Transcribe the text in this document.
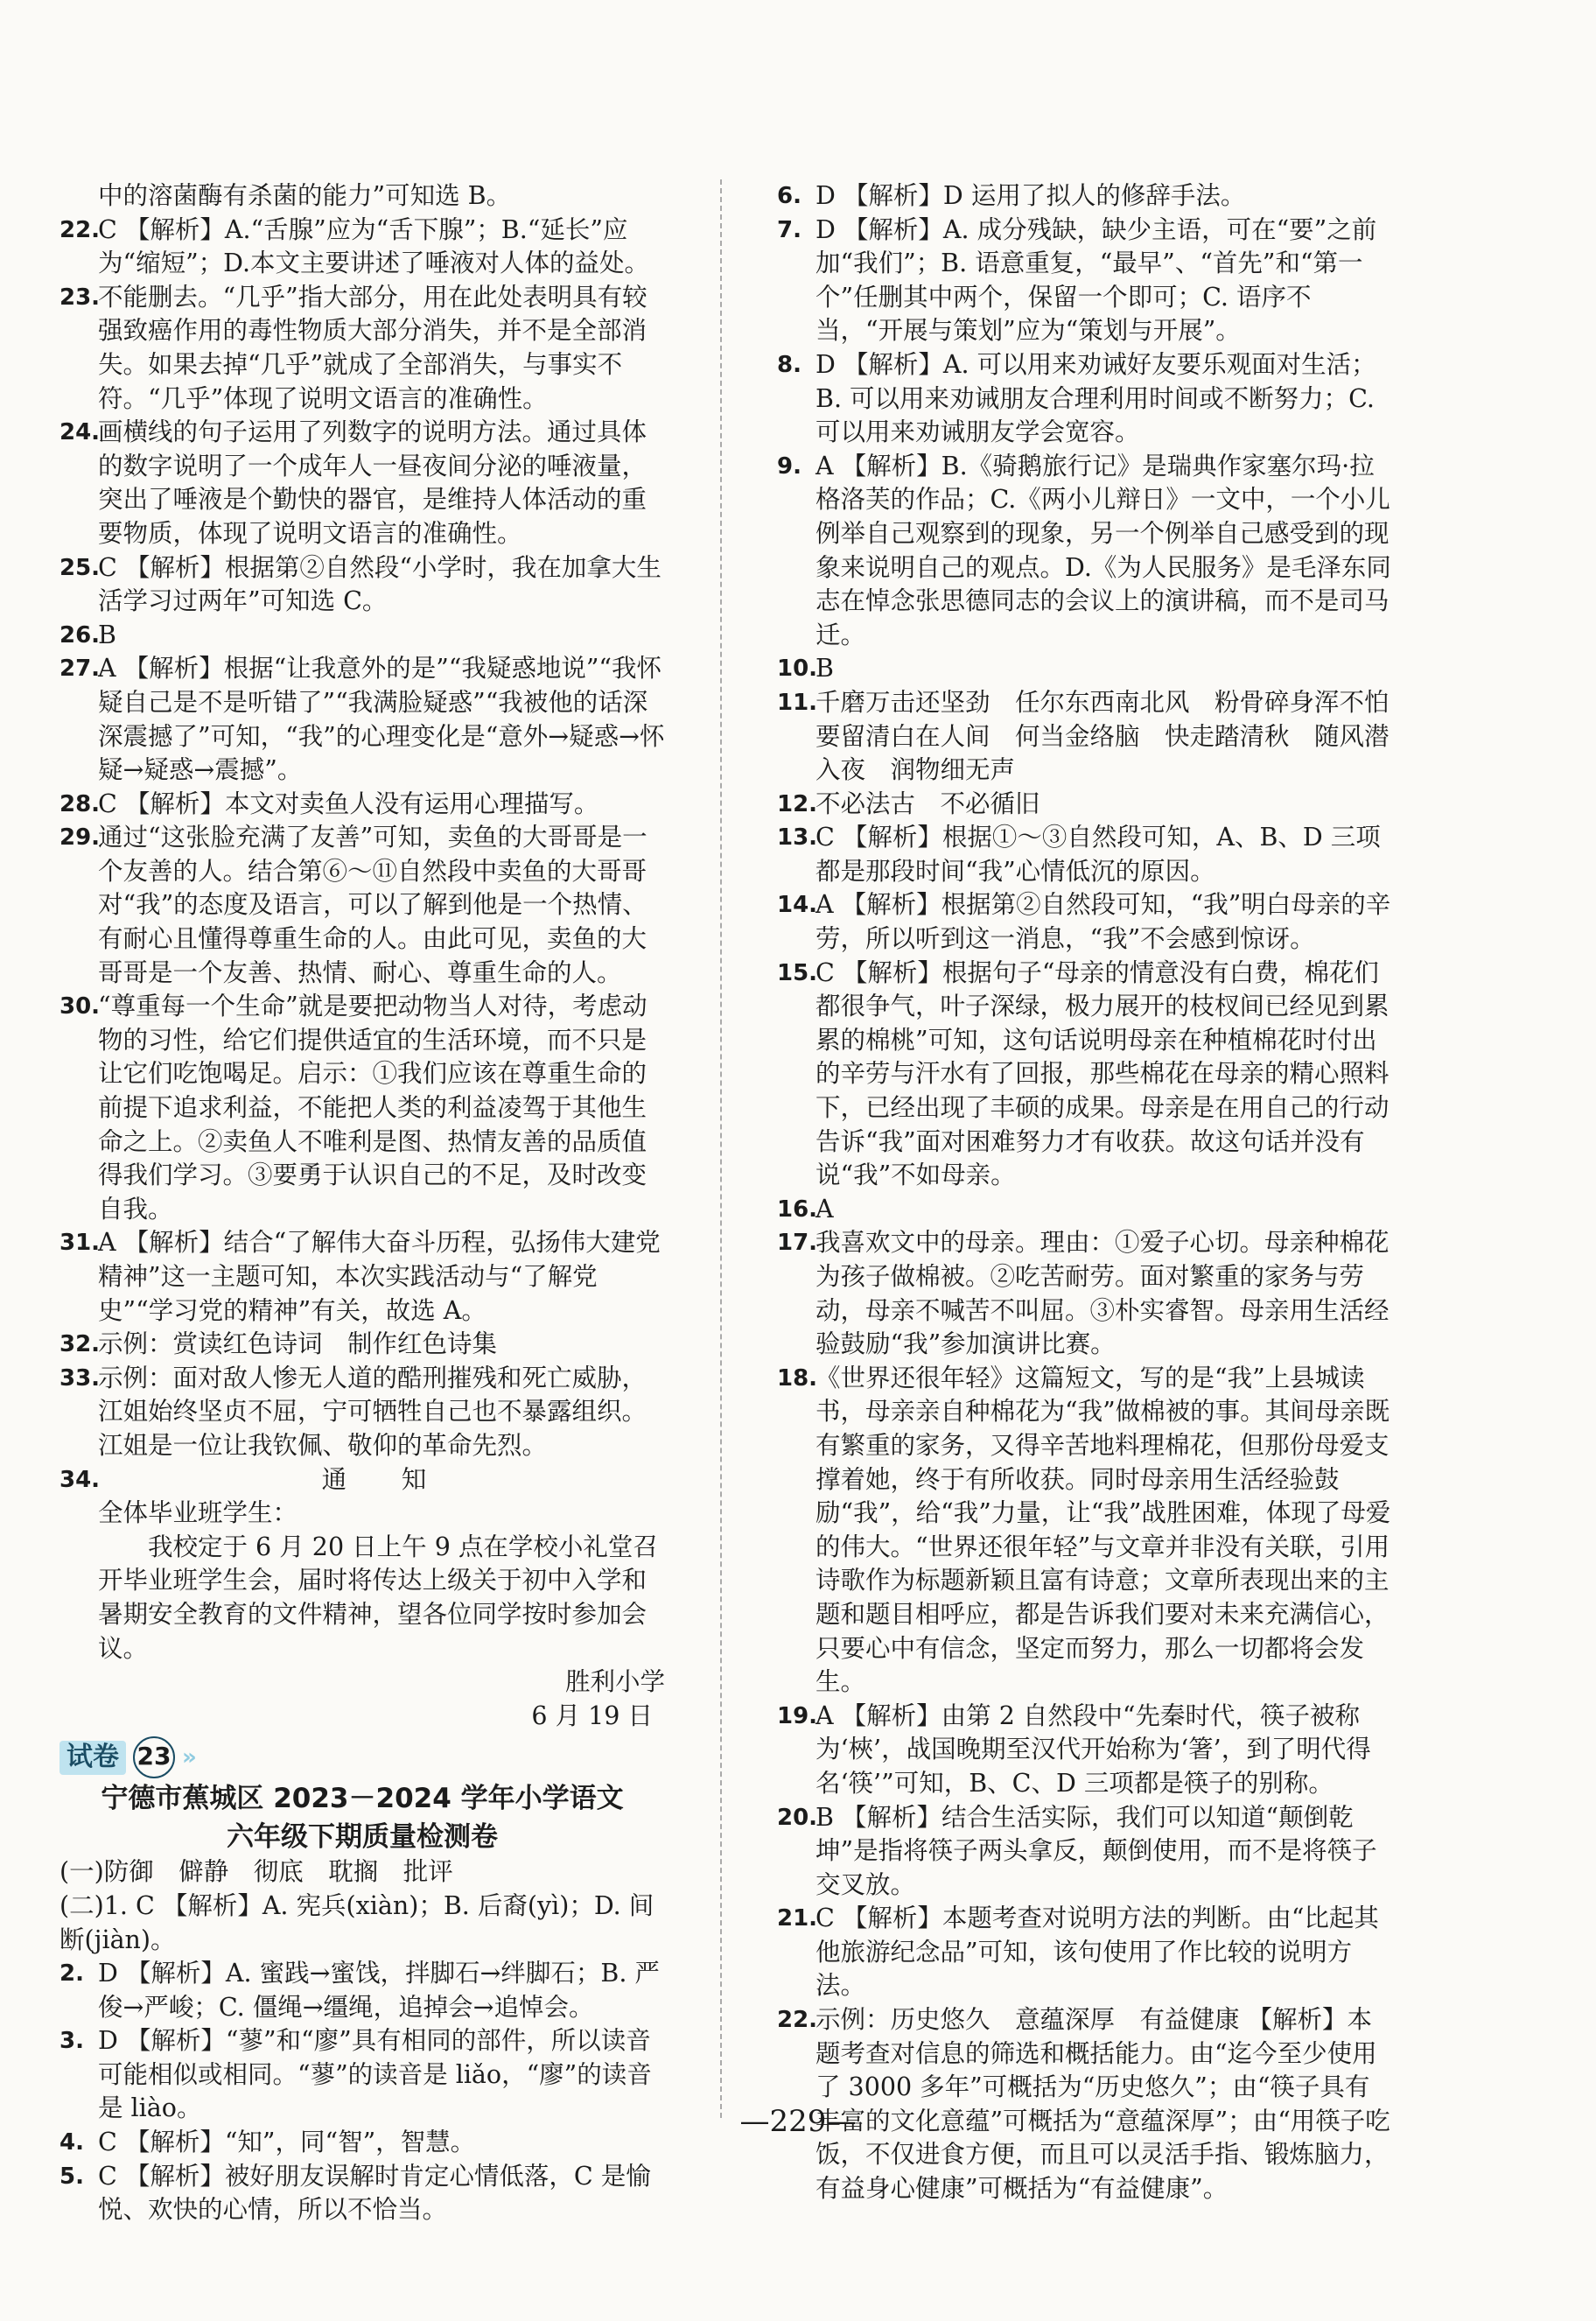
中的溶菌酶有杀菌的能力”可知选 B。

22.
C 【解析】A.“舌腺”应为“舌下腺”；B.“延长”应为“缩短”；D.本文主要讲述了唾液对人体的益处。

23.
不能删去。“几乎”指大部分，用在此处表明具有较强致癌作用的毒性物质大部分消失，并不是全部消失。如果去掉“几乎”就成了全部消失，与事实不符。“几乎”体现了说明文语言的准确性。

24.
画横线的句子运用了列数字的说明方法。通过具体的数字说明了一个成年人一昼夜间分泌的唾液量，突出了唾液是个勤快的器官，是维持人体活动的重要物质，体现了说明文语言的准确性。

25.
C 【解析】根据第②自然段“小学时，我在加拿大生活学习过两年”可知选 C。

26.
B

27.
A 【解析】根据“让我意外的是”“我疑惑地说”“我怀疑自己是不是听错了”“我满脸疑惑”“我被他的话深深震撼了”可知，“我”的心理变化是“意外→疑惑→怀疑→疑惑→震撼”。

28.
C 【解析】本文对卖鱼人没有运用心理描写。

29.
通过“这张脸充满了友善”可知，卖鱼的大哥哥是一个友善的人。结合第⑥～⑪自然段中卖鱼的大哥哥对“我”的态度及语言，可以了解到他是一个热情、有耐心且懂得尊重生命的人。由此可见，卖鱼的大哥哥是一个友善、热情、耐心、尊重生命的人。

30.
“尊重每一个生命”就是要把动物当人对待，考虑动物的习性，给它们提供适宜的生活环境，而不只是让它们吃饱喝足。启示：①我们应该在尊重生命的前提下追求利益，不能把人类的利益凌驾于其他生命之上。②卖鱼人不唯利是图、热情友善的品质值得我们学习。③要勇于认识自己的不足，及时改变自我。

31.
A 【解析】结合“了解伟大奋斗历程，弘扬伟大建党精神”这一主题可知，本次实践活动与“了解党史”“学习党的精神”有关，故选 A。

32.
示例：赏读红色诗词　制作红色诗集

33.
示例：面对敌人惨无人道的酷刑摧残和死亡威胁，江姐始终坚贞不屈，宁可牺牲自己也不暴露组织。江姐是一位让我钦佩、敬仰的革命先烈。

34.	通　知
全体毕业班学生：
我校定于 6 月 20 日上午 9 点在学校小礼堂召开毕业班学生会，届时将传达上级关于初中入学和暑期安全教育的文件精神，望各位同学按时参加会议。
胜利小学
6 月 19 日
试卷 23 »
宁德市蕉城区 2023－2024 学年小学语文
六年级下期质量检测卷

(一)防御　僻静　彻底　耽搁　批评

(二)1. C 【解析】A. 宪兵(xiàn)；B. 后裔(yì)；D. 间断(jiàn)。

2. D 【解析】A. 蜜践→蜜饯，拌脚石→绊脚石；B. 严俊→严峻；C. 僵绳→缰绳，追掉会→追悼会。

3. D 【解析】“蓼”和“廖”具有相同的部件，所以读音可能相似或相同。“蓼”的读音是 liǎo，“廖”的读音是 liào。

4. C 【解析】“知”，同“智”，智慧。

5. C 【解析】被好朋友误解时肯定心情低落，C 是愉悦、欢快的心情，所以不恰当。

6. D 【解析】D 运用了拟人的修辞手法。

7. D 【解析】A. 成分残缺，缺少主语，可在“要”之前加“我们”；B. 语意重复，“最早”、“首先”和“第一个”任删其中两个，保留一个即可；C. 语序不当，“开展与策划”应为“策划与开展”。

8. D 【解析】A. 可以用来劝诫好友要乐观面对生活；B. 可以用来劝诫朋友合理利用时间或不断努力；C. 可以用来劝诫朋友学会宽容。

9. A 【解析】B.《骑鹅旅行记》是瑞典作家塞尔玛·拉格洛芙的作品；C.《两小儿辩日》一文中，一个小儿例举自己观察到的现象，另一个例举自己感受到的现象来说明自己的观点。D.《为人民服务》是毛泽东同志在悼念张思德同志的会议上的演讲稿，而不是司马迁。

10.
B

11.
千磨万击还坚劲　任尔东西南北风　粉骨碎身浑不怕　要留清白在人间　何当金络脑　快走踏清秋　随风潜入夜　润物细无声

12.
不必法古　不必循旧

13.
C 【解析】根据①～③自然段可知，A、B、D 三项都是那段时间“我”心情低沉的原因。

14.
A 【解析】根据第②自然段可知，“我”明白母亲的辛劳，所以听到这一消息，“我”不会感到惊讶。

15.
C 【解析】根据句子“母亲的情意没有白费，棉花们都很争气，叶子深绿，极力展开的枝杈间已经见到累累的棉桃”可知，这句话说明母亲在种植棉花时付出的辛劳与汗水有了回报，那些棉花在母亲的精心照料下，已经出现了丰硕的成果。母亲是在用自己的行动告诉“我”面对困难努力才有收获。故这句话并没有说“我”不如母亲。

16.
A

17.
我喜欢文中的母亲。理由：①爱子心切。母亲种棉花为孩子做棉被。②吃苦耐劳。面对繁重的家务与劳动，母亲不喊苦不叫屈。③朴实睿智。母亲用生活经验鼓励“我”参加演讲比赛。

18.
《世界还很年轻》这篇短文，写的是“我”上县城读书，母亲亲自种棉花为“我”做棉被的事。其间母亲既有繁重的家务，又得辛苦地料理棉花，但那份母爱支撑着她，终于有所收获。同时母亲用生活经验鼓励“我”，给“我”力量，让“我”战胜困难，体现了母爱的伟大。“世界还很年轻”与文章并非没有关联，引用诗歌作为标题新颖且富有诗意；文章所表现出来的主题和题目相呼应，都是告诉我们要对未来充满信心，只要心中有信念，坚定而努力，那么一切都将会发生。

19.
A 【解析】由第 2 自然段中“先秦时代，筷子被称为‘梜’，战国晚期至汉代开始称为‘箸’，到了明代得名‘筷’”可知，B、C、D 三项都是筷子的别称。

20.
B 【解析】结合生活实际，我们可以知道“颠倒乾坤”是指将筷子两头拿反，颠倒使用，而不是将筷子交叉放。

21.
C 【解析】本题考查对说明方法的判断。由“比起其他旅游纪念品”可知，该句使用了作比较的说明方法。

22.
示例：历史悠久　意蕴深厚　有益健康 【解析】本题考查对信息的筛选和概括能力。由“迄今至少使用了 3000 多年”可概括为“历史悠久”；由“筷子具有丰富的文化意蕴”可概括为“意蕴深厚”；由“用筷子吃饭，不仅进食方便，而且可以灵活手指、锻炼脑力，有益身心健康”可概括为“有益健康”。

—229—
